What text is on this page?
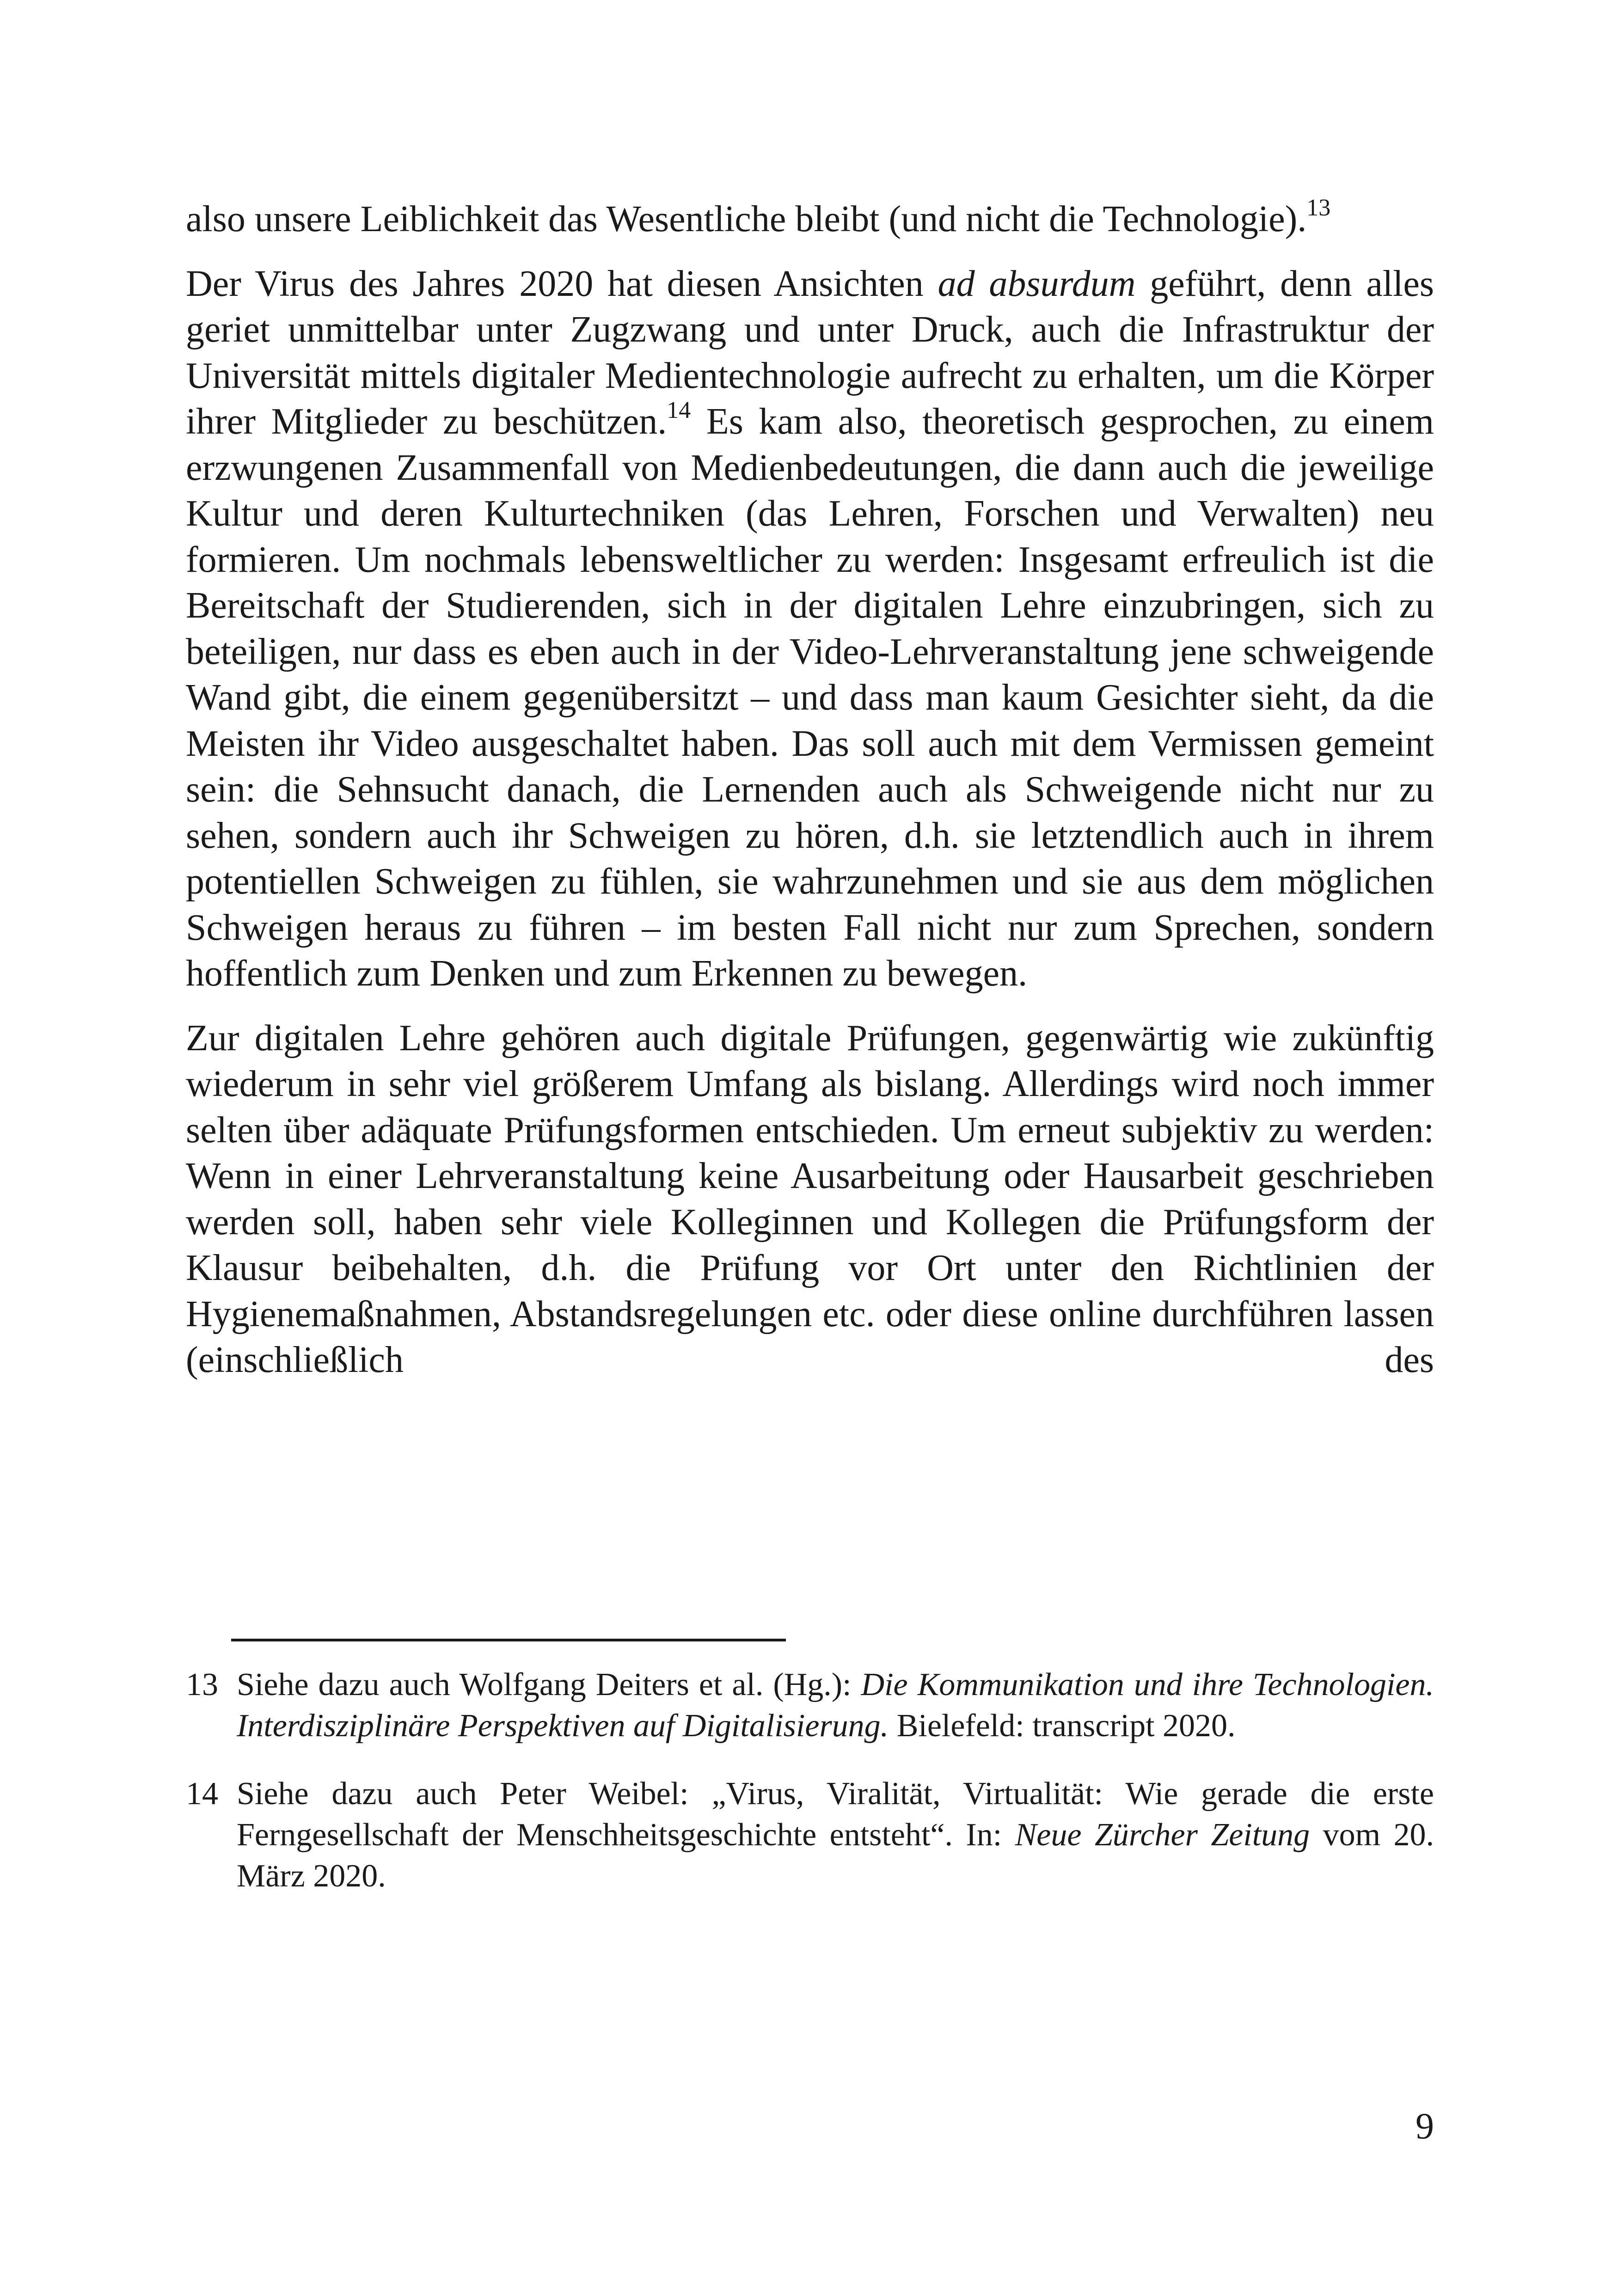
also unsere Leiblichkeit das Wesentliche bleibt (und nicht die Technologie).$^{13}$

Der Virus des Jahres 2020 hat diesen Ansichten ad absurdum geführt, denn alles geriet unmittelbar unter Zugzwang und unter Druck, auch die Infrastruktur der Universität mittels digitaler Medientechnologie aufrecht zu erhalten, um die Körper ihrer Mitglieder zu beschützen.$^{14}$ Es kam also, theoretisch gesprochen, zu einem erzwungenen Zusammenfall von Medienbedeutungen, die dann auch die jeweilige Kultur und deren Kulturtechniken (das Lehren, Forschen und Verwalten) neu formieren. Um nochmals lebensweltlicher zu werden: Insgesamt erfreulich ist die Bereitschaft der Studierenden, sich in der digitalen Lehre einzubringen, sich zu beteiligen, nur dass es eben auch in der Video-Lehrveranstaltung jene schweigende Wand gibt, die einem gegenübersitzt – und dass man kaum Gesichter sieht, da die Meisten ihr Video ausgeschaltet haben. Das soll auch mit dem Vermissen gemeint sein: die Sehnsucht danach, die Lernenden auch als Schweigende nicht nur zu sehen, sondern auch ihr Schweigen zu hören, d.h. sie letztendlich auch in ihrem potentiellen Schweigen zu fühlen, sie wahrzunehmen und sie aus dem möglichen Schweigen heraus zu führen – im besten Fall nicht nur zum Sprechen, sondern hoffentlich zum Denken und zum Erkennen zu bewegen.

Zur digitalen Lehre gehören auch digitale Prüfungen, gegenwärtig wie zukünftig wiederum in sehr viel größerem Umfang als bislang. Allerdings wird noch immer selten über adäquate Prüfungsformen entschieden. Um erneut subjektiv zu werden: Wenn in einer Lehrveranstaltung keine Ausarbeitung oder Hausarbeit geschrieben werden soll, haben sehr viele Kolleginnen und Kollegen die Prüfungsform der Klausur beibehalten, d.h. die Prüfung vor Ort unter den Richtlinien der Hygienemaßnahmen, Abstandsregelungen etc. oder diese online durchführen lassen (einschließlich des

13 Siehe dazu auch Wolfgang Deiters et al. (Hg.): Die Kommunikation und ihre Technologien. Interdisziplinäre Perspektiven auf Digitalisierung. Bielefeld: transcript 2020.
14 Siehe dazu auch Peter Weibel: „Virus, Viralität, Virtualität: Wie gerade die erste Ferngesellschaft der Menschheitsgeschichte entsteht“. In: Neue Zürcher Zeitung vom 20. März 2020.
9
